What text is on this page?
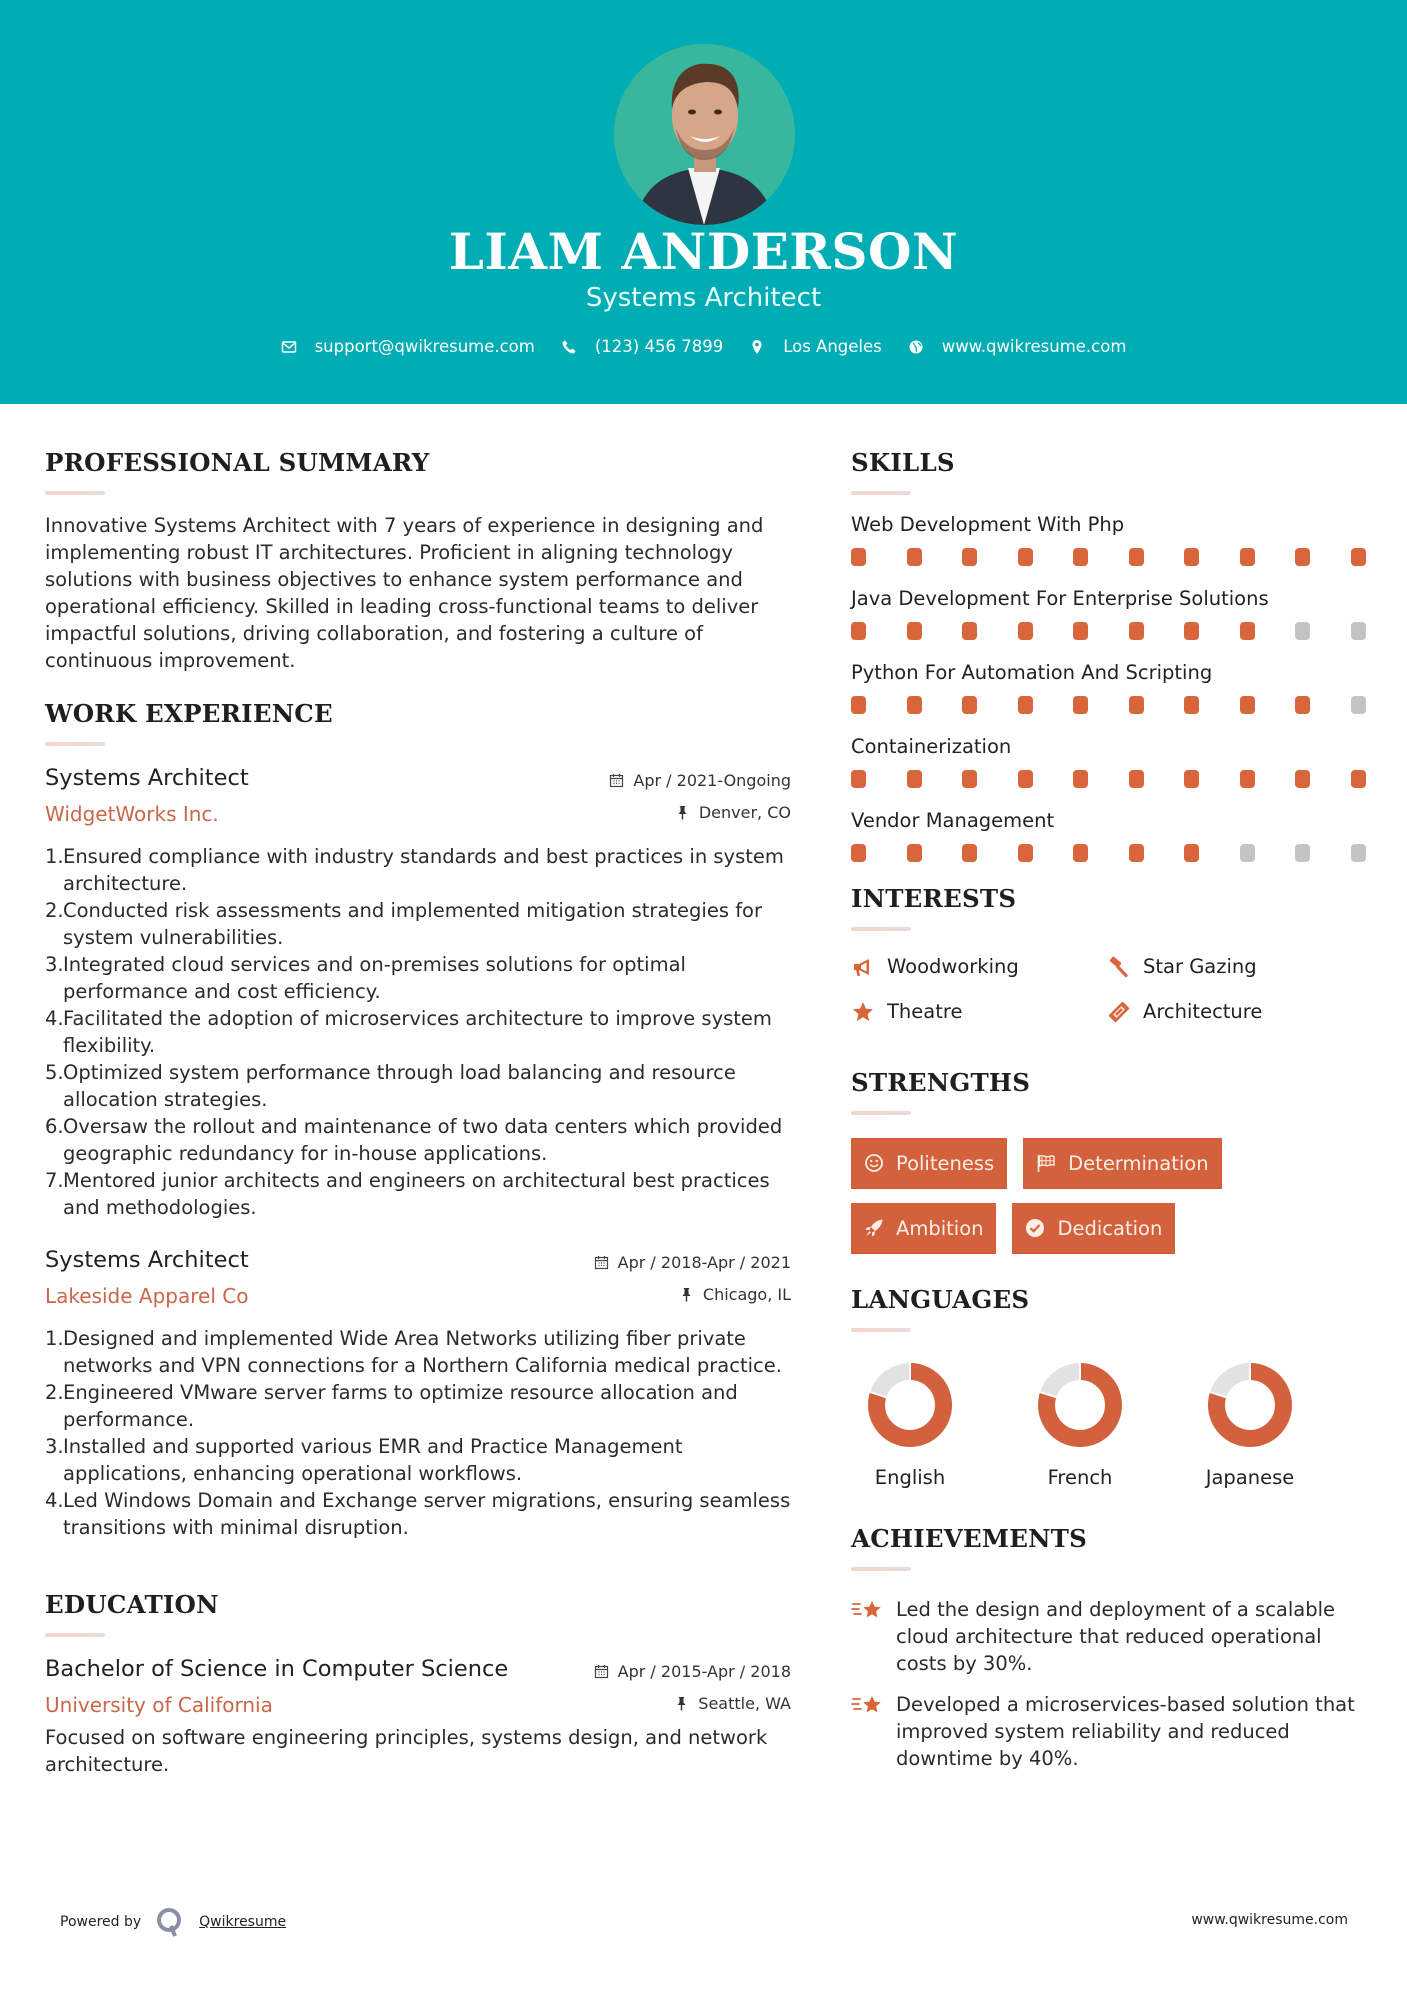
LIAM ANDERSON
Systems Architect
support@qwikresume.com	(123) 456 7899	Los Angeles	www.qwikresume.com
PROFESSIONAL SUMMARY

Innovative Systems Architect with 7 years of experience in designing and implementing robust IT architectures. Proficient in aligning technology solutions with business objectives to enhance system performance and operational efficiency. Skilled in leading cross-functional teams to deliver impactful solutions, driving collaboration, and fostering a culture of continuous improvement.

WORK EXPERIENCE
Systems Architect
WidgetWorks Inc.
Apr / 2021-Ongoing
Denver, CO
1. Ensured compliance with industry standards and best practices in system architecture.
2. Conducted risk assessments and implemented mitigation strategies for system vulnerabilities.
3. Integrated cloud services and on-premises solutions for optimal performance and cost efficiency.
4. Facilitated the adoption of microservices architecture to improve system flexibility.
5. Optimized system performance through load balancing and resource allocation strategies.
6. Oversaw the rollout and maintenance of two data centers which provided geographic redundancy for in-house applications.
7. Mentored junior architects and engineers on architectural best practices and methodologies.
Systems Architect
Lakeside Apparel Co
Apr / 2018-Apr / 2021
Chicago, IL
1. Designed and implemented Wide Area Networks utilizing fiber private networks and VPN connections for a Northern California medical practice.
2. Engineered VMware server farms to optimize resource allocation and performance.
3. Installed and supported various EMR and Practice Management applications, enhancing operational workflows.
4. Led Windows Domain and Exchange server migrations, ensuring seamless transitions with minimal disruption.
EDUCATION
Bachelor of Science in Computer Science
University of California
Apr / 2015-Apr / 2018
Seattle, WA

Focused on software engineering principles, systems design, and network architecture.

SKILLS
Web Development With Php
Java Development For Enterprise Solutions
Python For Automation And Scripting
Containerization
Vendor Management
INTERESTS
Woodworking	Star Gazing
Theatre	Architecture
STRENGTHS
Politeness	Determination
Ambition	Dedication
LANGUAGES
English	French	Japanese
ACHIEVEMENTS
Led the design and deployment of a scalable cloud architecture that reduced operational costs by 30%.
Developed a microservices-based solution that improved system reliability and reduced downtime by 40%.
Powered by	Qwikresume	www.qwikresume.com
